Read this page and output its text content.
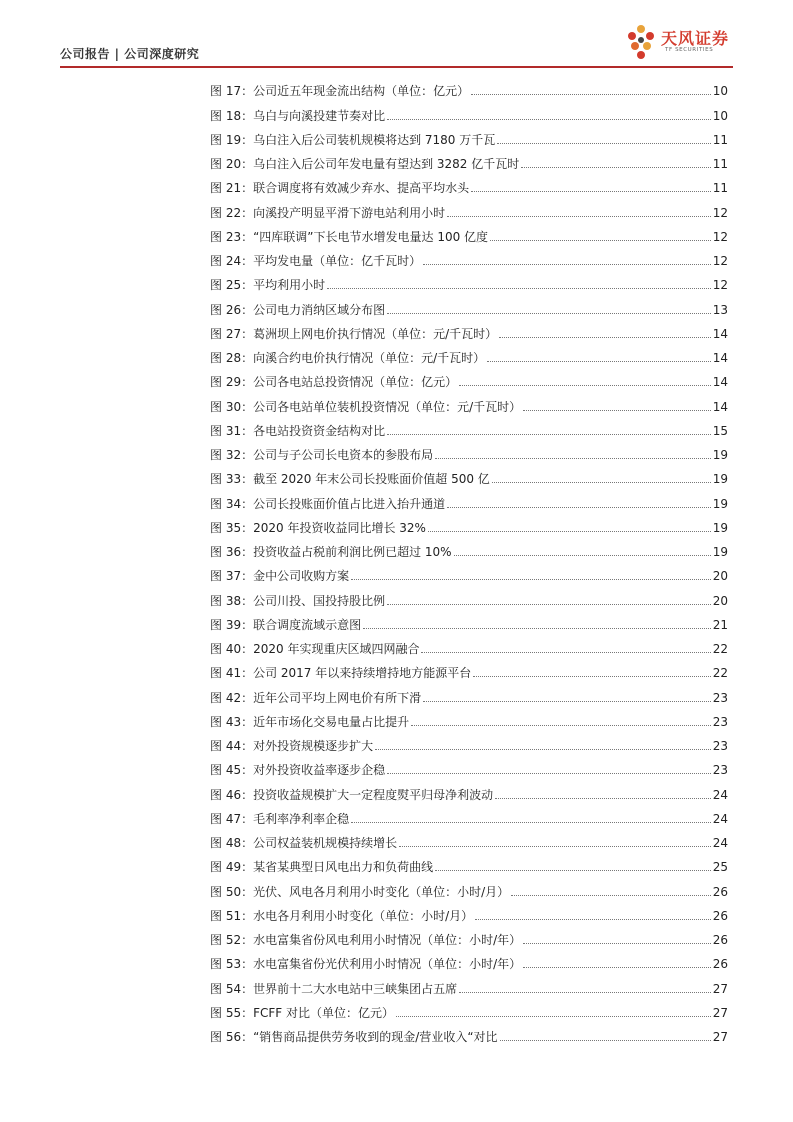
公司报告 | 公司深度研究
天风证券
TF SECURITIES
图 17：公司近五年现金流出结构（单位：亿元）	10
图 18：乌白与向溪投建节奏对比	10
图 19：乌白注入后公司装机规模将达到 7180 万千瓦	11
图 20：乌白注入后公司年发电量有望达到 3282 亿千瓦时	11
图 21：联合调度将有效减少弃水、提高平均水头	11
图 22：向溪投产明显平滑下游电站利用小时	12
图 23：“四库联调”下长电节水增发电量达 100 亿度	12
图 24：平均发电量（单位：亿千瓦时）	12
图 25：平均利用小时	12
图 26：公司电力消纳区域分布图	13
图 27：葛洲坝上网电价执行情况（单位：元/千瓦时）	14
图 28：向溪合约电价执行情况（单位：元/千瓦时）	14
图 29：公司各电站总投资情况（单位：亿元）	14
图 30：公司各电站单位装机投资情况（单位：元/千瓦时）	14
图 31：各电站投资资金结构对比	15
图 32：公司与子公司长电资本的参股布局	19
图 33：截至 2020 年末公司长投账面价值超 500 亿	19
图 34：公司长投账面价值占比进入抬升通道	19
图 35：2020 年投资收益同比增长 32%	19
图 36：投资收益占税前利润比例已超过 10%	19
图 37：金中公司收购方案	20
图 38：公司川投、国投持股比例	20
图 39：联合调度流域示意图	21
图 40：2020 年实现重庆区域四网融合	22
图 41：公司 2017 年以来持续增持地方能源平台	22
图 42：近年公司平均上网电价有所下滑	23
图 43：近年市场化交易电量占比提升	23
图 44：对外投资规模逐步扩大	23
图 45：对外投资收益率逐步企稳	23
图 46：投资收益规模扩大一定程度熨平归母净利波动	24
图 47：毛利率净利率企稳	24
图 48：公司权益装机规模持续增长	24
图 49：某省某典型日风电出力和负荷曲线	25
图 50：光伏、风电各月利用小时变化（单位：小时/月）	26
图 51：水电各月利用小时变化（单位：小时/月）	26
图 52：水电富集省份风电利用小时情况（单位：小时/年）	26
图 53：水电富集省份光伏利用小时情况（单位：小时/年）	26
图 54：世界前十二大水电站中三峡集团占五席	27
图 55：FCFF 对比（单位：亿元）	27
图 56：“销售商品提供劳务收到的现金/营业收入“对比	27
